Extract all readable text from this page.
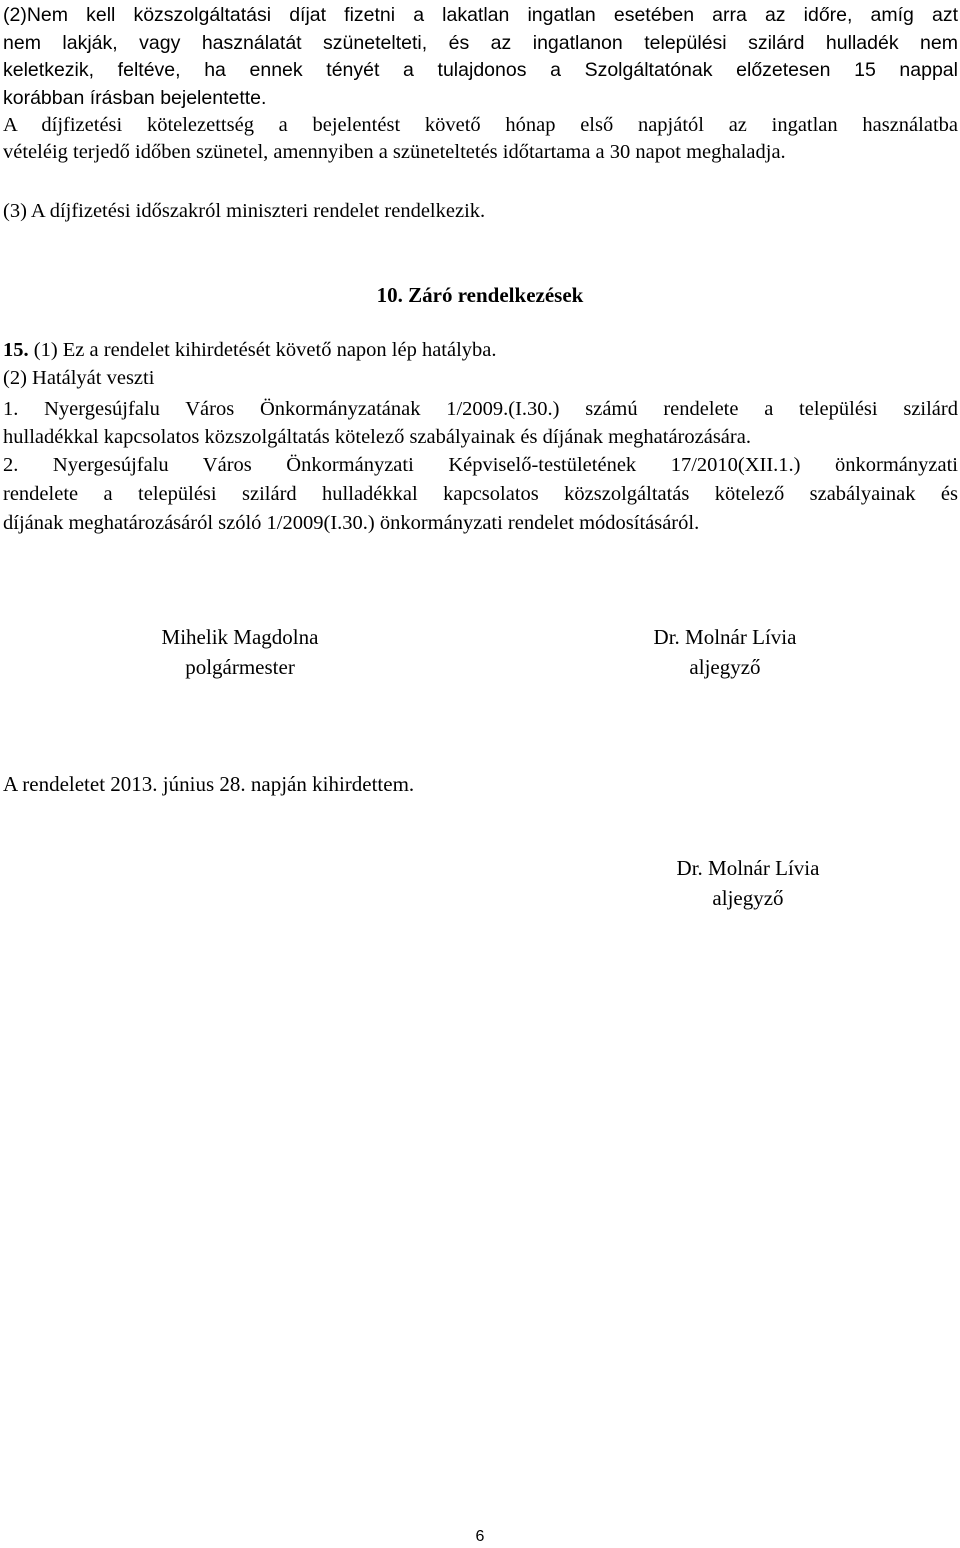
(2)Nem kell közszolgáltatási díjat fizetni a lakatlan ingatlan esetében arra az időre, amíg azt
nem lakják, vagy használatát szünetelteti, és az ingatlanon települési szilárd hulladék nem
keletkezik, feltéve, ha ennek tényét a tulajdonos a Szolgáltatónak előzetesen 15 nappal
korábban írásban bejelentette.
A díjfizetési kötelezettség a bejelentést követő hónap első napjától az ingatlan használatba
vételéig terjedő időben szünetel, amennyiben a szüneteltetés időtartama a 30 napot meghaladja.
(3) A díjfizetési időszakról miniszteri rendelet rendelkezik.
10. Záró rendelkezések
15. (1) Ez a rendelet kihirdetését követő napon lép hatályba.
(2) Hatályát veszti
1. Nyergesújfalu Város Önkormányzatának 1/2009.(I.30.) számú rendelete a települési szilárd
hulladékkal kapcsolatos közszolgáltatás kötelező szabályainak és díjának meghatározására.
2. Nyergesújfalu Város Önkormányzati Képviselő-testületének 17/2010(XII.1.) önkormányzati
rendelete a települési szilárd hulladékkal kapcsolatos közszolgáltatás kötelező szabályainak és
díjának meghatározásáról szóló 1/2009(I.30.) önkormányzati rendelet módosításáról.
Mihelik Magdolna
polgármester
Dr. Molnár Lívia
aljegyző
A rendeletet 2013. június 28. napján kihirdettem.
Dr. Molnár Lívia
aljegyző
6
